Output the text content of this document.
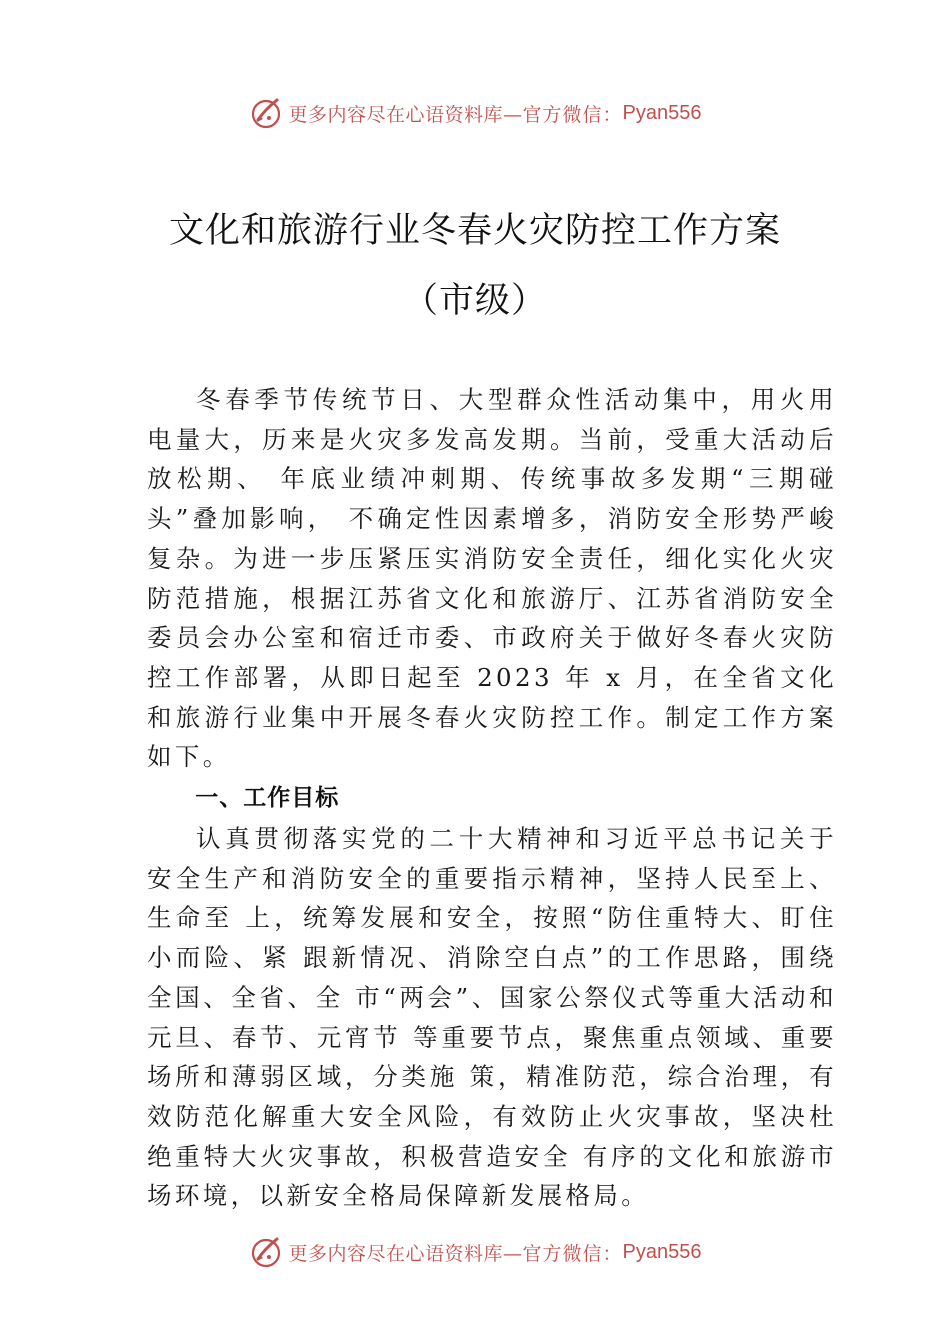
更多内容尽在心语资料库— 官方微信： Pyan556
文化和旅游行业冬春火灾防控工作方案
（市级）

冬春季节传统节日、大型群众性活动集中，用火用电量大，历来是火灾多发高发期。当前，受重大活动后放松期、 年底业绩冲刺期、传统事故多发期“三期碰头”叠加影响， 不确定性因素增多，消防安全形势严峻复杂。为进一步压紧压实消防安全责任，细化实化火灾防范措施，根据江苏省文化和旅游厅、江苏省消防安全委员会办公室和宿迁市委、市政府关于做好冬春火灾防控工作部署，从即日起至 2023 年 x 月，在全省文化和旅游行业集中开展冬春火灾防控工作。制定工作方案如下。

一、工作目标

认真贯彻落实党的二十大精神和习近平总书记关于安全生产和消防安全的重要指示精神，坚持人民至上、生命至 上，统筹发展和安全，按照“防住重特大、盯住小而险、紧 跟新情况、消除空白点”的工作思路，围绕全国、全省、全 市“两会”、国家公祭仪式等重大活动和元旦、春节、元宵节 等重要节点，聚焦重点领域、重要场所和薄弱区域，分类施 策，精准防范，综合治理，有效防范化解重大安全风险，有效防止火灾事故，坚决杜绝重特大火灾事故，积极营造安全 有序的文化和旅游市场环境，以新安全格局保障新发展格局。

更多内容尽在心语资料库— 官方微信： Pyan556
